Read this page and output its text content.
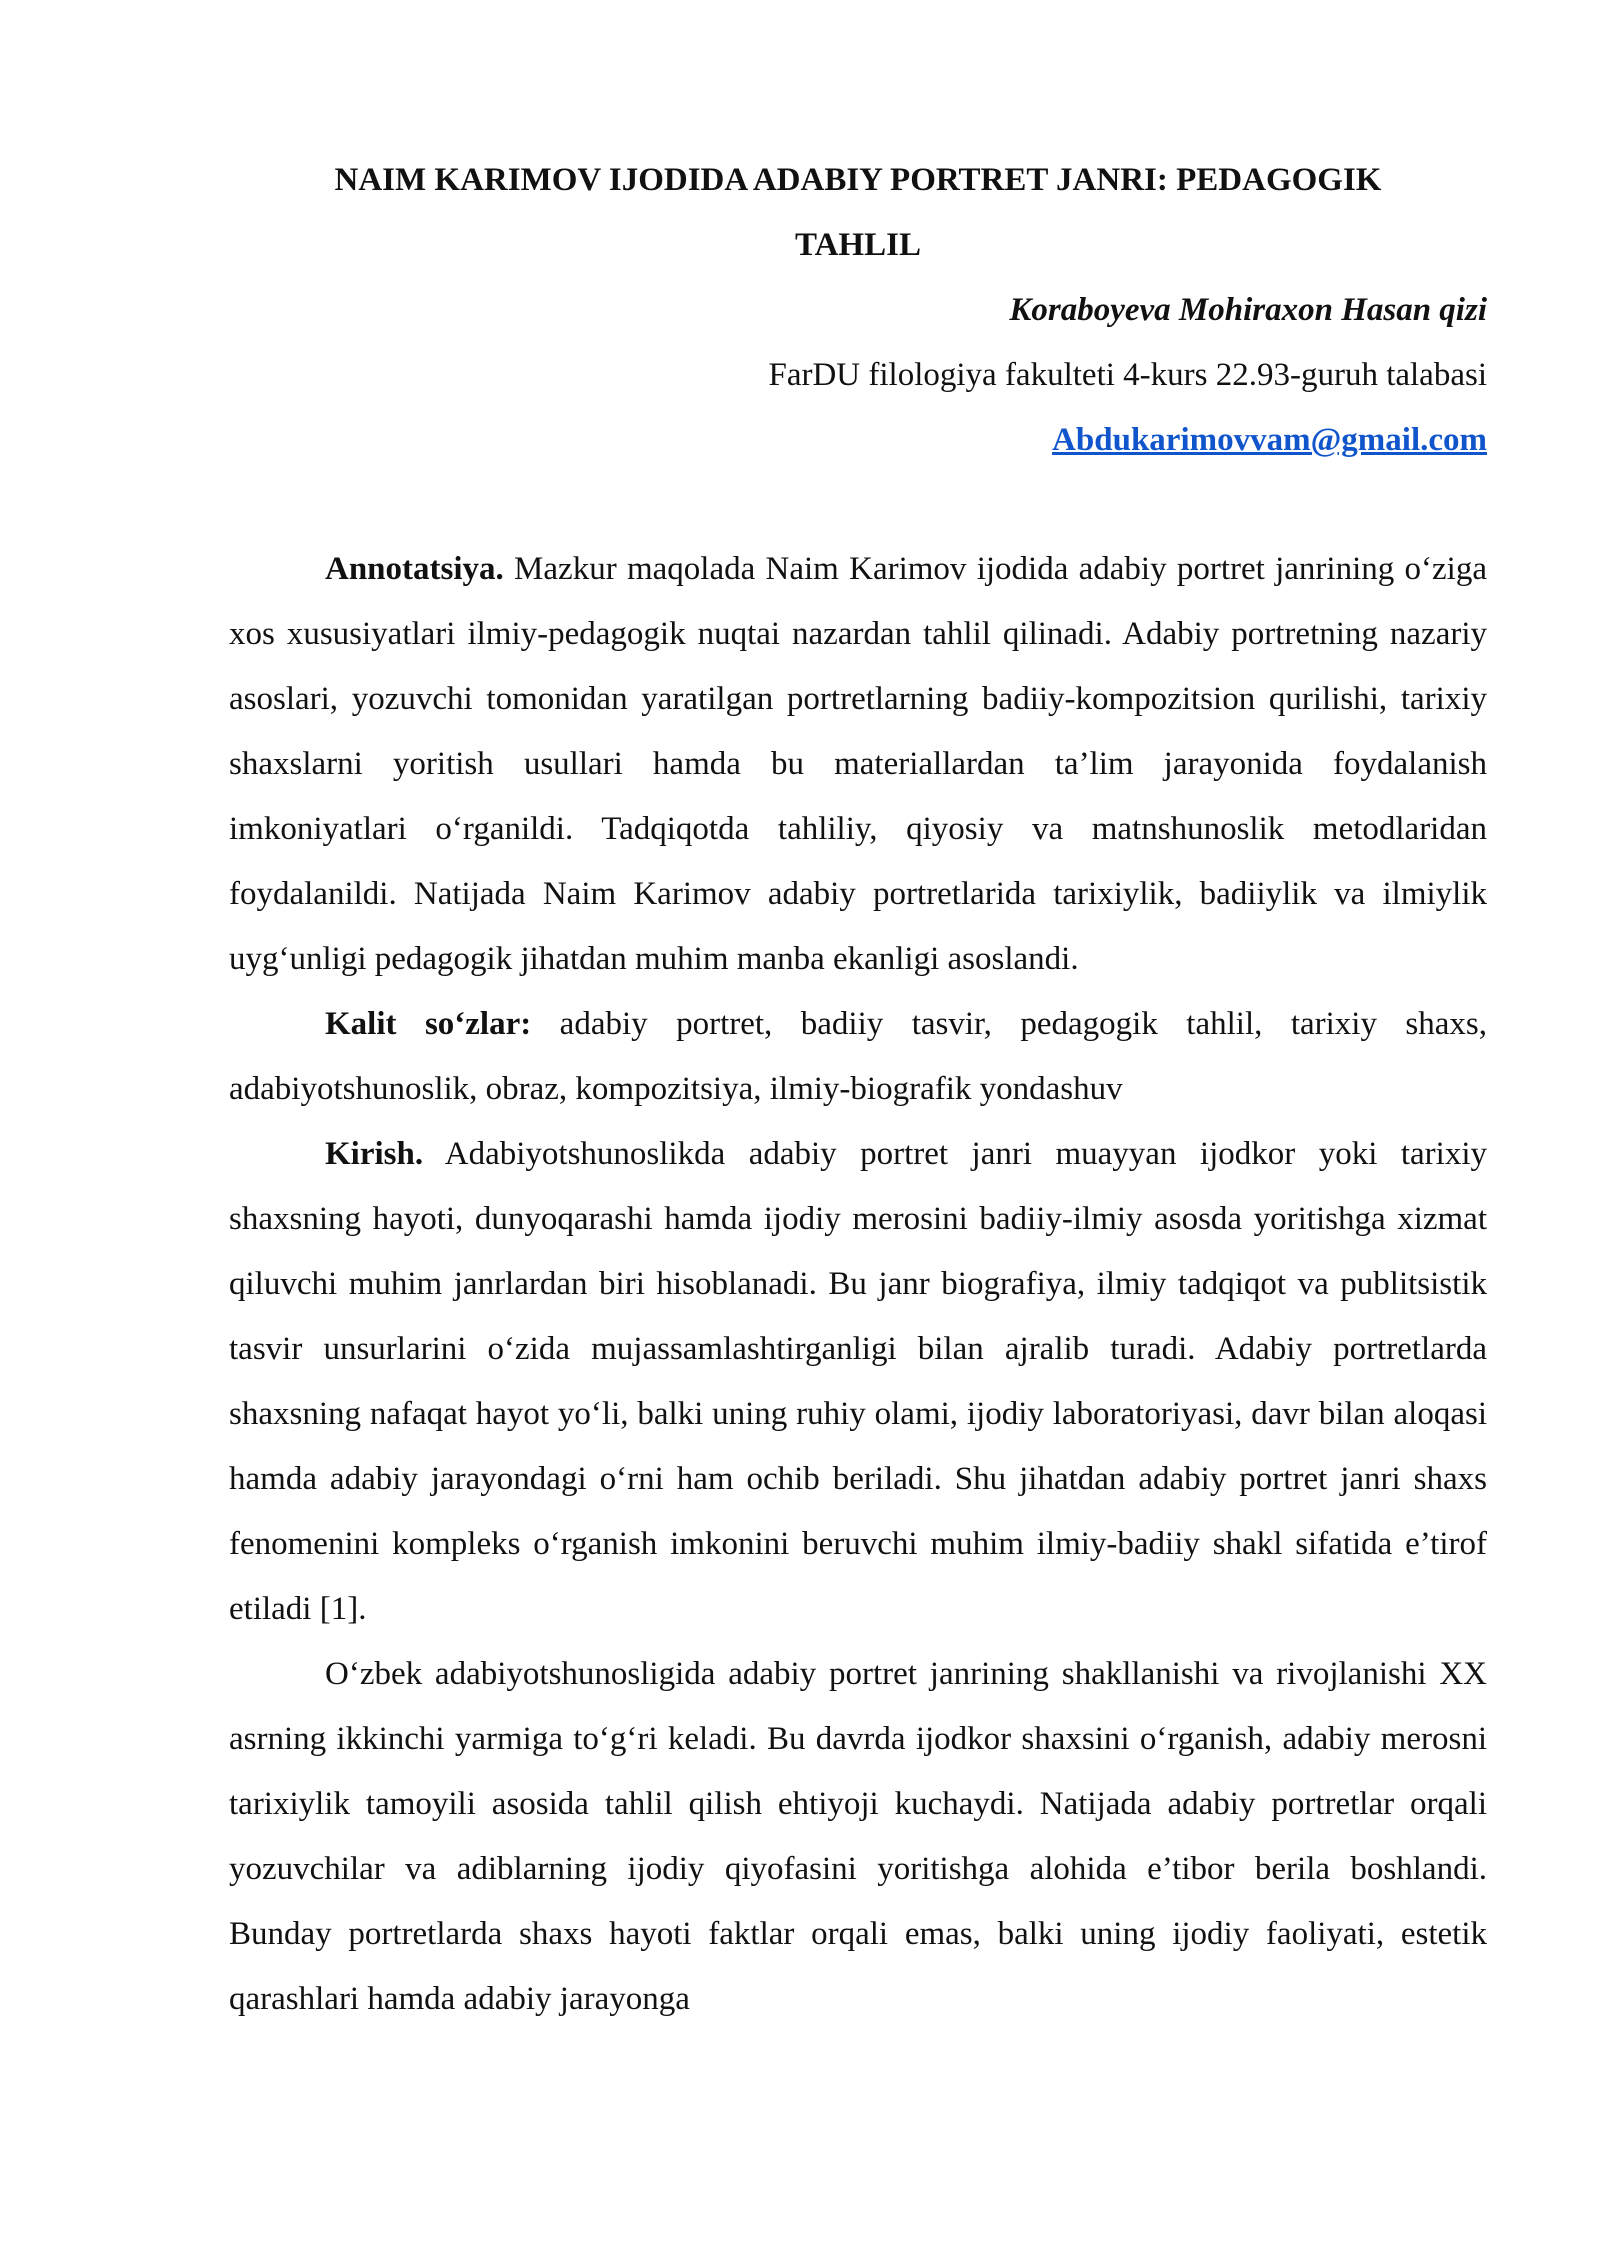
NAIM KARIMOV IJODIDA ADABIY PORTRET JANRI: PEDAGOGIK
TAHLIL

Koraboyeva Mohiraxon Hasan qizi

FarDU filologiya fakulteti 4-kurs 22.93-guruh talabasi

Abdukarimovvam@gmail.com

Annotatsiya. Mazkur maqolada Naim Karimov ijodida adabiy portret janrining o‘ziga xos xususiyatlari ilmiy-pedagogik nuqtai nazardan tahlil qilinadi. Adabiy portretning nazariy asoslari, yozuvchi tomonidan yaratilgan portretlarning badiiy-kompozitsion qurilishi, tarixiy shaxslarni yoritish usullari hamda bu materiallardan ta’lim jarayonida foydalanish imkoniyatlari o‘rganildi. Tadqiqotda tahliliy, qiyosiy va matnshunoslik metodlaridan foydalanildi. Natijada Naim Karimov adabiy portretlarida tarixiylik, badiiylik va ilmiylik uyg‘unligi pedagogik jihatdan muhim manba ekanligi asoslandi.

Kalit so‘zlar: adabiy portret, badiiy tasvir, pedagogik tahlil, tarixiy shaxs, adabiyotshunoslik, obraz, kompozitsiya, ilmiy-biografik yondashuv

Kirish. Adabiyotshunoslikda adabiy portret janri muayyan ijodkor yoki tarixiy shaxsning hayoti, dunyoqarashi hamda ijodiy merosini badiiy-ilmiy asosda yoritishga xizmat qiluvchi muhim janrlardan biri hisoblanadi. Bu janr biografiya, ilmiy tadqiqot va publitsistik tasvir unsurlarini o‘zida mujassamlashtirganligi bilan ajralib turadi. Adabiy portretlarda shaxsning nafaqat hayot yo‘li, balki uning ruhiy olami, ijodiy laboratoriyasi, davr bilan aloqasi hamda adabiy jarayondagi o‘rni ham ochib beriladi. Shu jihatdan adabiy portret janri shaxs fenomenini kompleks o‘rganish imkonini beruvchi muhim ilmiy-badiiy shakl sifatida e’tirof etiladi [1].

O‘zbek adabiyotshunosligida adabiy portret janrining shakllanishi va rivojlanishi XX asrning ikkinchi yarmiga to‘g‘ri keladi. Bu davrda ijodkor shaxsini o‘rganish, adabiy merosni tarixiylik tamoyili asosida tahlil qilish ehtiyoji kuchaydi. Natijada adabiy portretlar orqali yozuvchilar va adiblarning ijodiy qiyofasini yoritishga alohida e’tibor berila boshlandi. Bunday portretlarda shaxs hayoti faktlar orqali emas, balki uning ijodiy faoliyati, estetik qarashlari hamda adabiy jarayonga
